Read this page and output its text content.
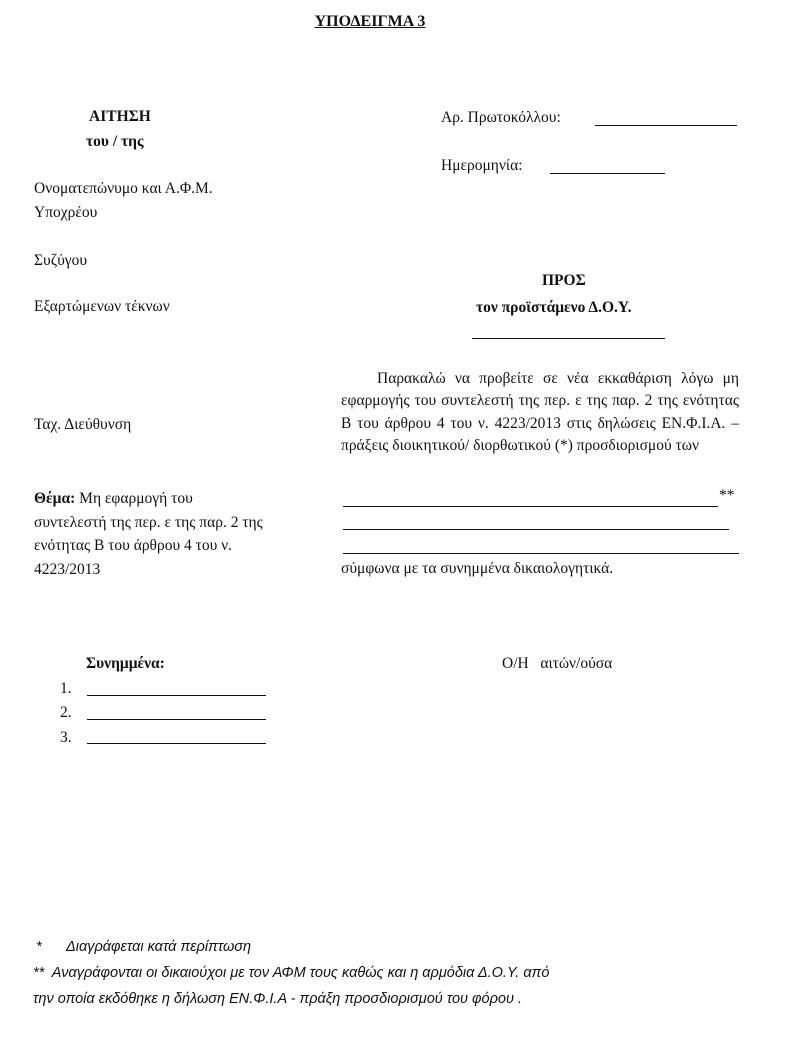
ΥΠΟΔΕΙΓΜΑ 3
ΑΙΤΗΣΗ
του / της
Ονοματεπώνυμο και Α.Φ.Μ.
Υποχρέου
Συζύγου
Εξαρτώμενων τέκνων
Ταχ. Διεύθυνση
Θέμα: Μη εφαρμογή του συντελεστή της περ. ε της παρ. 2 της ενότητας Β του άρθρου 4 του ν. 4223/2013
Αρ. Πρωτοκόλλου:
Ημερομηνία:
ΠΡΟΣ
τον προϊστάμενο Δ.Ο.Υ.
Παρακαλώ να προβείτε σε νέα εκκαθάριση λόγω μη εφαρμογής του συντελεστή της περ. ε της παρ. 2 της ενότητας Β του άρθρου 4 του ν. 4223/2013 στις δηλώσεις ΕΝ.Φ.Ι.Α. – πράξεις διοικητικού/ διορθωτικού (*) προσδιορισμού των
**
σύμφωνα με τα συνημμένα δικαιολογητικά.
Συνημμένα:
1.
2.
3.
Ο/Η   αιτών/ούσα
* Διαγράφεται κατά περίπτωση
**  Αναγράφονται οι δικαιούχοι με τον ΑΦΜ τους καθώς και η αρμόδια Δ.Ο.Υ. από
την οποία εκδόθηκε η δήλωση ΕΝ.Φ.Ι.Α - πράξη προσδιορισμού του φόρου .
